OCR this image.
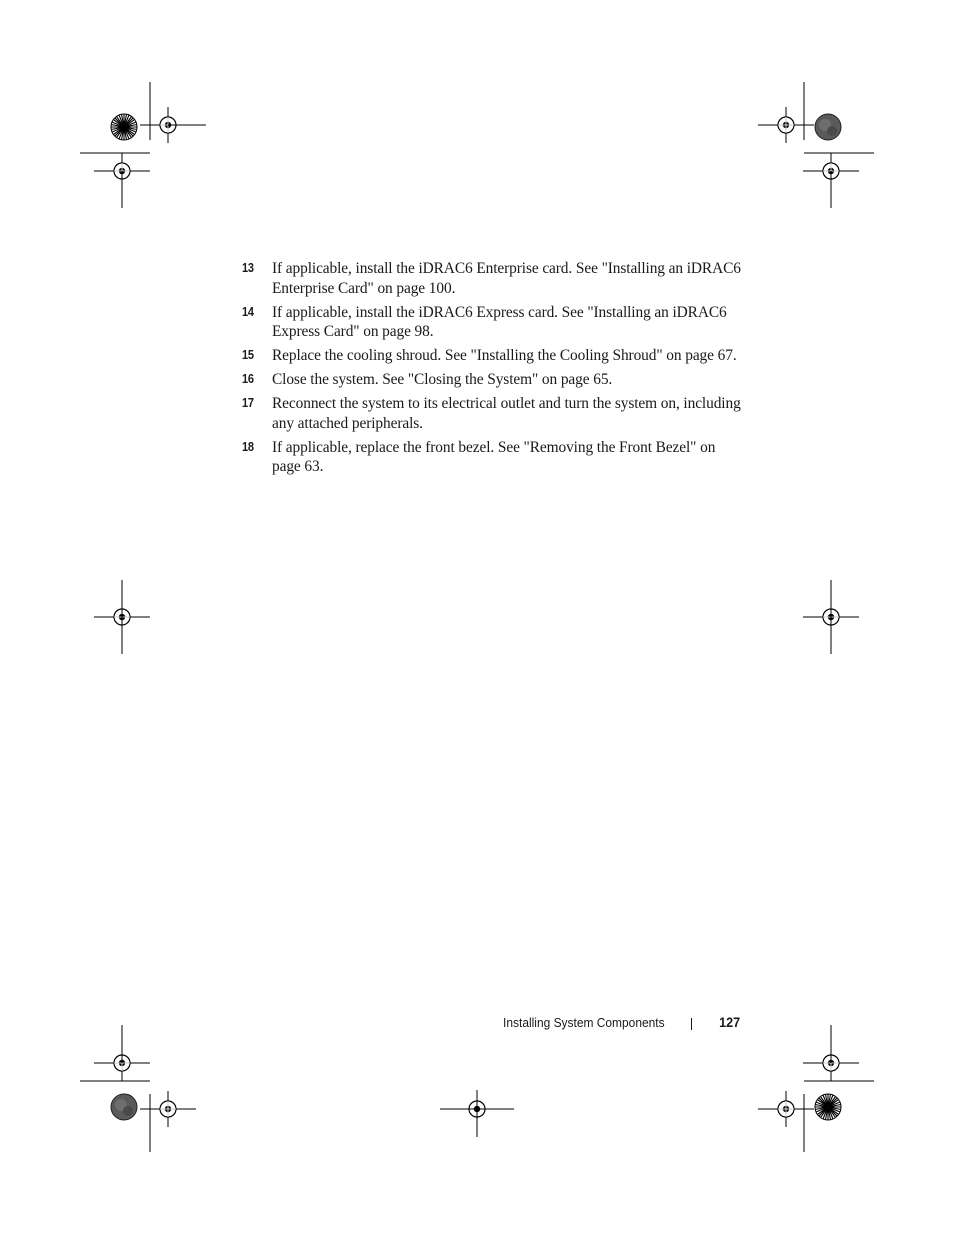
13 If applicable, install the iDRAC6 Enterprise card. See "Installing an iDRAC6 Enterprise Card" on page 100.
14 If applicable, install the iDRAC6 Express card. See "Installing an iDRAC6 Express Card" on page 98.
15 Replace the cooling shroud. See "Installing the Cooling Shroud" on page 67.
16 Close the system. See "Closing the System" on page 65.
17 Reconnect the system to its electrical outlet and turn the system on, including any attached peripherals.
18 If applicable, replace the front bezel. See "Removing the Front Bezel" on page 63.
Installing System Components	127
